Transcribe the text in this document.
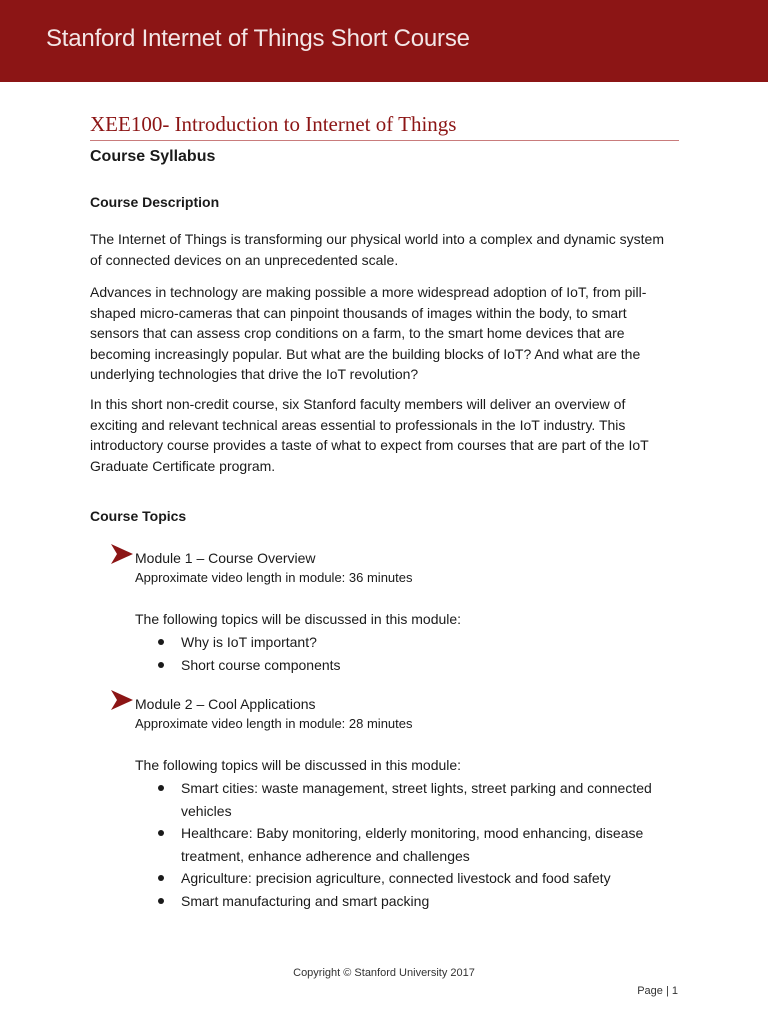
Stanford Internet of Things Short Course
XEE100- Introduction to Internet of Things
Course Syllabus
Course Description

The Internet of Things is transforming our physical world into a complex and dynamic system
of connected devices on an unprecedented scale.

Advances in technology are making possible a more widespread adoption of IoT, from pill-
shaped micro-cameras that can pinpoint thousands of images within the body, to smart
sensors that can assess crop conditions on a farm, to the smart home devices that are
becoming increasingly popular. But what are the building blocks of IoT? And what are the
underlying technologies that drive the IoT revolution?

In this short non-credit course, six Stanford faculty members will deliver an overview of
exciting and relevant technical areas essential to professionals in the IoT industry. This
introductory course provides a taste of what to expect from courses that are part of the IoT
Graduate Certificate program.

Course Topics
Module 1 – Course Overview
Approximate video length in module: 36 minutes
The following topics will be discussed in this module:
Why is IoT important?
Short course components
Module 2 – Cool Applications
Approximate video length in module: 28 minutes
The following topics will be discussed in this module:
Smart cities: waste management, street lights, street parking and connected vehicles
Healthcare: Baby monitoring, elderly monitoring, mood enhancing, disease treatment, enhance adherence and challenges
Agriculture: precision agriculture, connected livestock and food safety
Smart manufacturing and smart packing
Copyright © Stanford University 2017
Page | 1
